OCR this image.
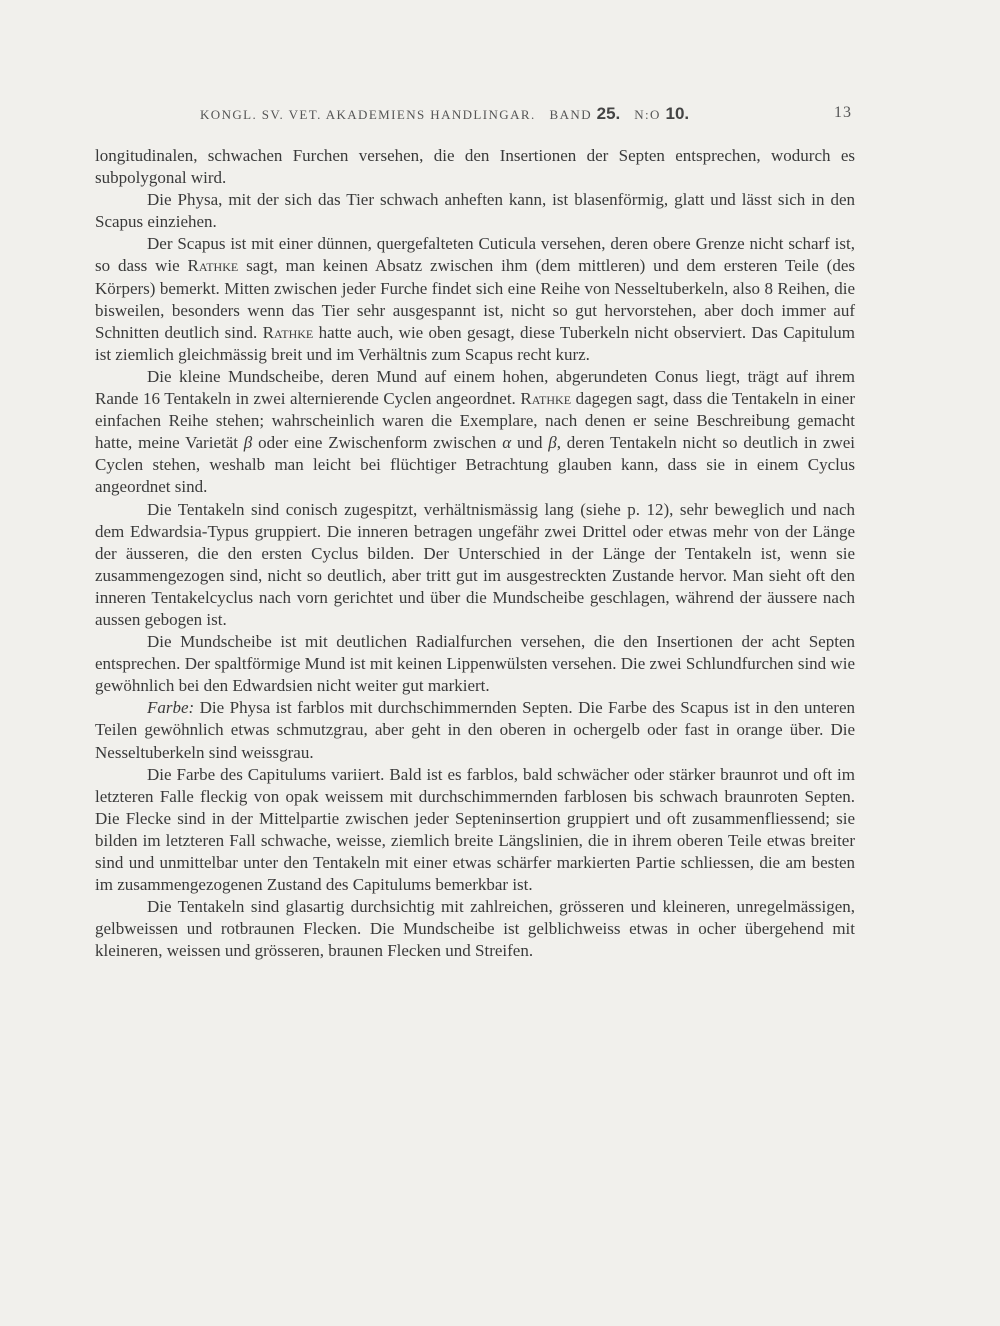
KONGL. SV. VET. AKADEMIENS HANDLINGAR. BAND 25. N:O 10.	13

longitudinalen, schwachen Furchen versehen, die den Insertionen der Septen entsprechen, wodurch es subpolygonal wird.

Die Physa, mit der sich das Tier schwach anheften kann, ist blasenförmig, glatt und lässt sich in den Scapus einziehen.

Der Scapus ist mit einer dünnen, quergefalteten Cuticula versehen, deren obere Grenze nicht scharf ist, so dass wie Rathke sagt, man keinen Absatz zwischen ihm (dem mittleren) und dem ersteren Teile (des Körpers) bemerkt. Mitten zwischen jeder Furche findet sich eine Reihe von Nesseltuberkeln, also 8 Reihen, die bisweilen, besonders wenn das Tier sehr ausgespannt ist, nicht so gut hervorstehen, aber doch immer auf Schnitten deutlich sind. Rathke hatte auch, wie oben gesagt, diese Tuberkeln nicht observiert. Das Capitulum ist ziemlich gleichmässig breit und im Verhältnis zum Scapus recht kurz.

Die kleine Mundscheibe, deren Mund auf einem hohen, abgerundeten Conus liegt, trägt auf ihrem Rande 16 Tentakeln in zwei alternierende Cyclen angeordnet. Rathke dagegen sagt, dass die Tentakeln in einer einfachen Reihe stehen; wahrscheinlich waren die Exemplare, nach denen er seine Beschreibung gemacht hatte, meine Varietät β oder eine Zwischenform zwischen α und β, deren Tentakeln nicht so deutlich in zwei Cyclen stehen, weshalb man leicht bei flüchtiger Betrachtung glauben kann, dass sie in einem Cyclus angeordnet sind.

Die Tentakeln sind conisch zugespitzt, verhältnismässig lang (siehe p. 12), sehr beweglich und nach dem Edwardsia-Typus gruppiert. Die inneren betragen ungefähr zwei Drittel oder etwas mehr von der Länge der äusseren, die den ersten Cyclus bilden. Der Unterschied in der Länge der Tentakeln ist, wenn sie zusammengezogen sind, nicht so deutlich, aber tritt gut im ausgestreckten Zustande hervor. Man sieht oft den inneren Tentakelcyclus nach vorn gerichtet und über die Mundscheibe geschlagen, während der äussere nach aussen gebogen ist.

Die Mundscheibe ist mit deutlichen Radialfurchen versehen, die den Insertionen der acht Septen entsprechen. Der spaltförmige Mund ist mit keinen Lippenwülsten versehen. Die zwei Schlundfurchen sind wie gewöhnlich bei den Edwardsien nicht weiter gut markiert.

Farbe: Die Physa ist farblos mit durchschimmernden Septen. Die Farbe des Scapus ist in den unteren Teilen gewöhnlich etwas schmutzgrau, aber geht in den oberen in ochergelb oder fast in orange über. Die Nesseltuberkeln sind weissgrau.

Die Farbe des Capitulums variiert. Bald ist es farblos, bald schwächer oder stärker braunrot und oft im letzteren Falle fleckig von opak weissem mit durchschimmernden farblosen bis schwach braunroten Septen. Die Flecke sind in der Mittelpartie zwischen jeder Septeninsertion gruppiert und oft zusammenfliessend; sie bilden im letzteren Fall schwache, weisse, ziemlich breite Längslinien, die in ihrem oberen Teile etwas breiter sind und unmittelbar unter den Tentakeln mit einer etwas schärfer markierten Partie schliessen, die am besten im zusammengezogenen Zustand des Capitulums bemerkbar ist.

Die Tentakeln sind glasartig durchsichtig mit zahlreichen, grösseren und kleineren, unregelmässigen, gelbweissen und rotbraunen Flecken. Die Mundscheibe ist gelblichweiss etwas in ocher übergehend mit kleineren, weissen und grösseren, braunen Flecken und Streifen.
